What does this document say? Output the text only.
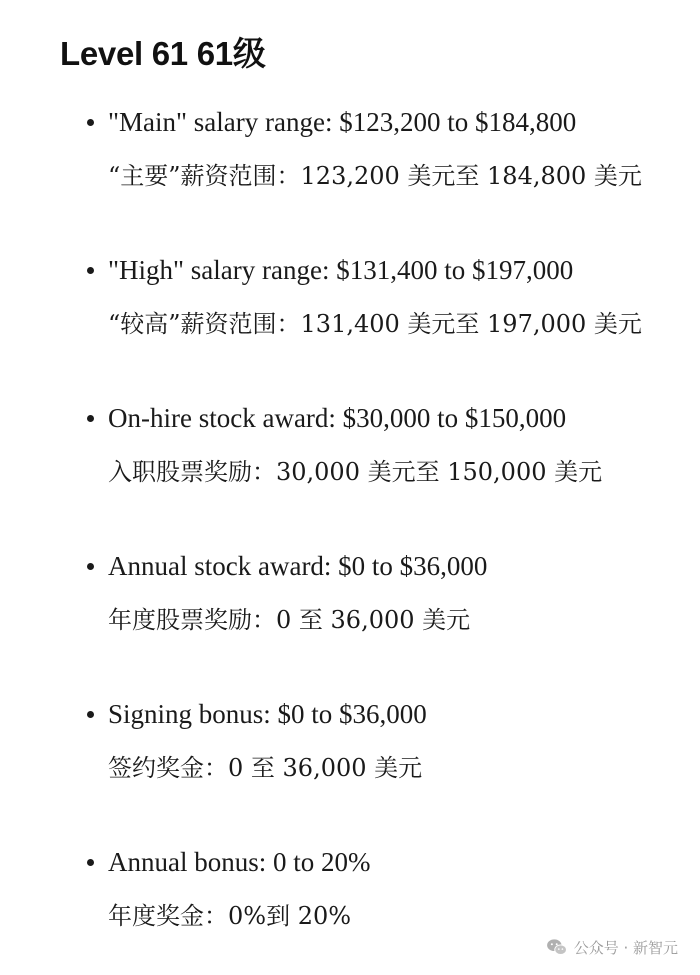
Level 61 61级
"Main" salary range: $123,200 to $184,800
“主要”薪资范围：123,200 美元至 184,800 美元
"High" salary range: $131,400 to $197,000
“较高”薪资范围：131,400 美元至 197,000 美元
On-hire stock award: $30,000 to $150,000
入职股票奖励：30,000 美元至 150,000 美元
Annual stock award: $0 to $36,000
年度股票奖励：0 至 36,000 美元
Signing bonus: $0 to $36,000
签约奖金：0 至 36,000 美元
Annual bonus: 0 to 20%
年度奖金：0%到 20%
公众号 · 新智元
